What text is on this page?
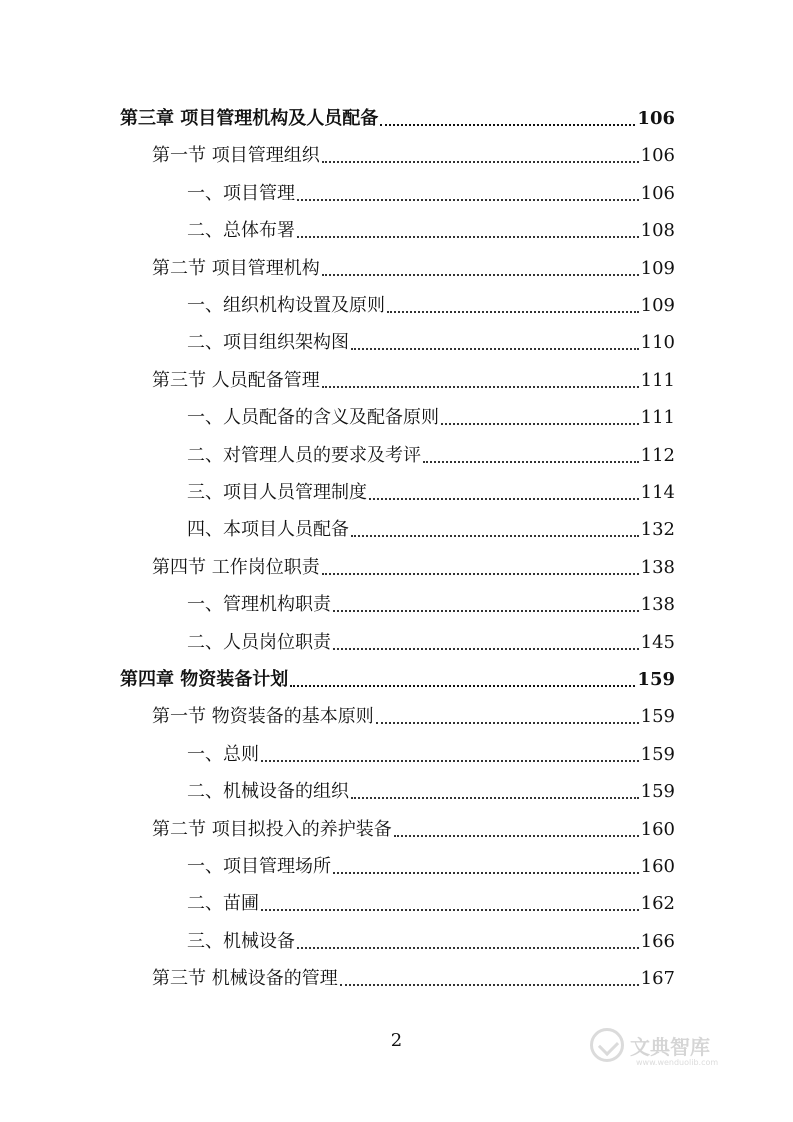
第三章 项目管理机构及人员配备	106
第一节 项目管理组织	106
一、项目管理	106
二、总体布署	108
第二节 项目管理机构	109
一、组织机构设置及原则	109
二、项目组织架构图	110
第三节 人员配备管理	111
一、人员配备的含义及配备原则	111
二、对管理人员的要求及考评	112
三、项目人员管理制度	114
四、本项目人员配备	132
第四节 工作岗位职责	138
一、管理机构职责	138
二、人员岗位职责	145
第四章 物资装备计划	159
第一节 物资装备的基本原则	159
一、总则	159
二、机械设备的组织	159
第二节 项目拟投入的养护装备	160
一、项目管理场所	160
二、苗圃	162
三、机械设备	166
第三节 机械设备的管理	167
2	文典智库
www.wenduolib.com
